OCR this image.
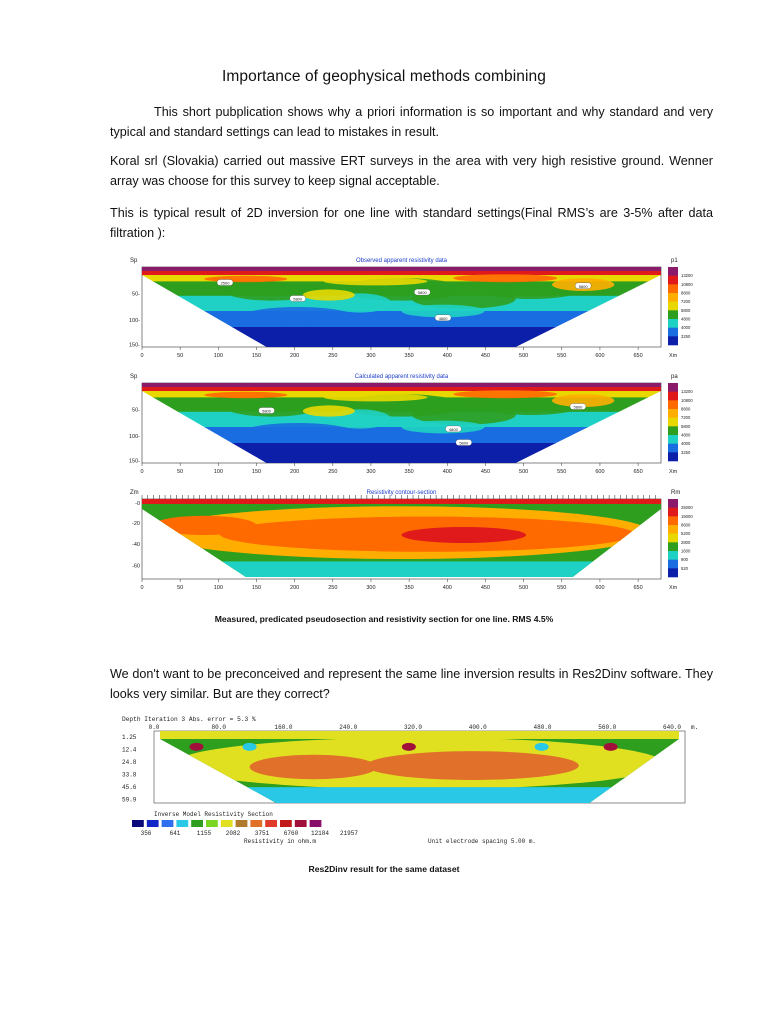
Importance of geophysical methods combining
This short pubplication shows why a priori information is so important and why standard and very typical and standard settings can lead to mistakes in result.
Koral srl (Slovakia) carried out massive ERT surveys in the area with very high resistive ground. Wenner array was choose for this survey to keep signal acceptable.
This is typical result of 2D inversion for one line with standard settings(Final RMS’s are 3-5% after data filtration ):
Sp	Observed apparent resistivity data	p1
2500
5800
5800
4800
5800
50-
100-
150-
0	50	100	150	200	250	300	350	400	450	500	550	600	650	Xm
13200
10800
8800
7200
5800
4800
4000
3250
Sp	Calculated apparent resistivity data	pa
5800
5800
4800
5800
50-
100-
150-
0	50	100	150	200	250	300	350	400	450	500	550	600	650	Xm
13200
10800
8800
7200
5800
4800
4000
3250
Zm	Resistivity contour-section	Rm
-0
-20
-40
-60
0	50	100	150	200	250	300	350	400	450	500	550	600	650	Xm
25000
15000
8600
5200
2800
1600
900
520
Measured, predicated pseudosection and resistivity section for one line. RMS 4.5%
We don't want to be preconceived and represent the same line inversion results in Res2Dinv software. They looks very similar. But are they correct?
Depth Iteration 3 Abs. error = 5.3 %
0.0	80.0	160.0	240.0	320.0	400.0	480.0	560.0	640.0 m.
1.25
12.4
24.8
33.8
45.6
59.9
Inverse Model Resistivity Section
356	641	1155 2082 3751 6760 12184 21957
Resistivity in ohm.m	Unit electrode spacing 5.00 m.
Res2Dinv result for the same dataset
